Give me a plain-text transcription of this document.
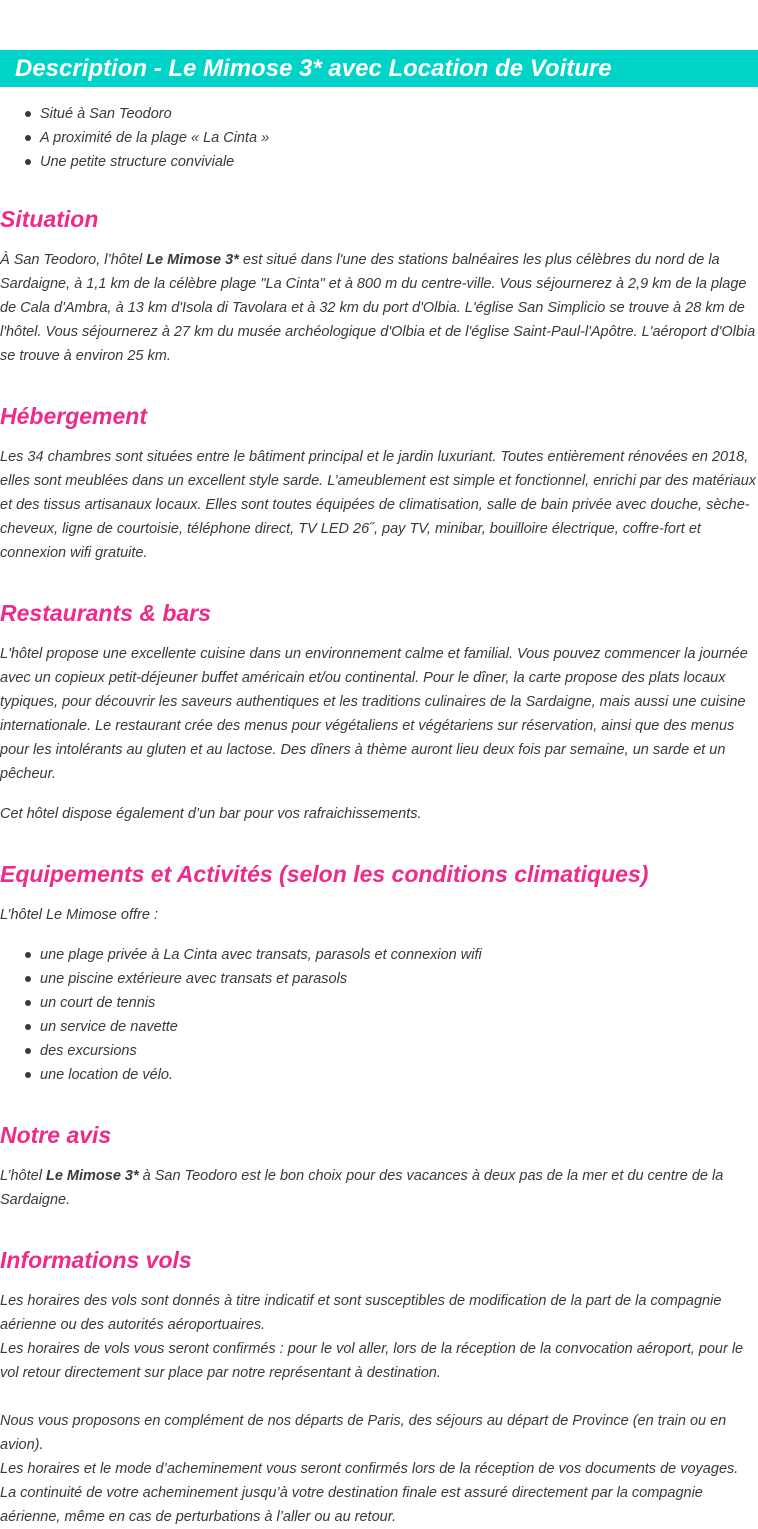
Description - Le Mimose 3* avec Location de Voiture
Situé à San Teodoro
A proximité de la plage « La Cinta »
Une petite structure conviviale
Situation

À San Teodoro, l’hôtel Le Mimose 3* est situé dans l'une des stations balnéaires les plus célèbres du nord de la Sardaigne, à 1,1 km de la célèbre plage "La Cinta" et à 800 m du centre-ville. Vous séjournerez à 2,9 km de la plage de Cala d'Ambra, à 13 km d'Isola di Tavolara et à 32 km du port d'Olbia. L'église San Simplicio se trouve à 28 km de l'hôtel. Vous séjournerez à 27 km du musée archéologique d'Olbia et de l'église Saint-Paul-l'Apôtre. L'aéroport d'Olbia se trouve à environ 25 km.

Hébergement

Les 34 chambres sont situées entre le bâtiment principal et le jardin luxuriant. Toutes entièrement rénovées en 2018, elles sont meublées dans un excellent style sarde. L’ameublement est simple et fonctionnel, enrichi par des matériaux et des tissus artisanaux locaux. Elles sont toutes équipées de climatisation, salle de bain privée avec douche, sèche-cheveux, ligne de courtoisie, téléphone direct, TV LED 26˝, pay TV, minibar, bouilloire électrique, coffre-fort et connexion wifi gratuite.

Restaurants & bars

L'hôtel propose une excellente cuisine dans un environnement calme et familial. Vous pouvez commencer la journée avec un copieux petit-déjeuner buffet américain et/ou continental. Pour le dîner, la carte propose des plats locaux typiques, pour découvrir les saveurs authentiques et les traditions culinaires de la Sardaigne, mais aussi une cuisine internationale. Le restaurant crée des menus pour végétaliens et végétariens sur réservation, ainsi que des menus pour les intolérants au gluten et au lactose. Des dîners à thème auront lieu deux fois par semaine, un sarde et un pêcheur.

Cet hôtel dispose également d’un bar pour vos rafraichissements.

Equipements et Activités (selon les conditions climatiques)

L’hôtel Le Mimose offre :

une plage privée à La Cinta avec transats, parasols et connexion wifi
une piscine extérieure avec transats et parasols
un court de tennis
un service de navette
des excursions
une location de vélo.
Notre avis

L’hôtel Le Mimose 3* à San Teodoro est le bon choix pour des vacances à deux pas de la mer et du centre de la Sardaigne.

Informations vols

Les horaires des vols sont donnés à titre indicatif et sont susceptibles de modification de la part de la compagnie aérienne ou des autorités aéroportuaires.

Les horaires de vols vous seront confirmés : pour le vol aller, lors de la réception de la convocation aéroport, pour le vol retour directement sur place par notre représentant à destination.

Nous vous proposons en complément de nos départs de Paris, des séjours au départ de Province (en train ou en avion).

Les horaires et le mode d’acheminement vous seront confirmés lors de la réception de vos documents de voyages.

La continuité de votre acheminement jusqu’à votre destination finale est assuré directement par la compagnie aérienne, même en cas de perturbations à l’aller ou au retour.
